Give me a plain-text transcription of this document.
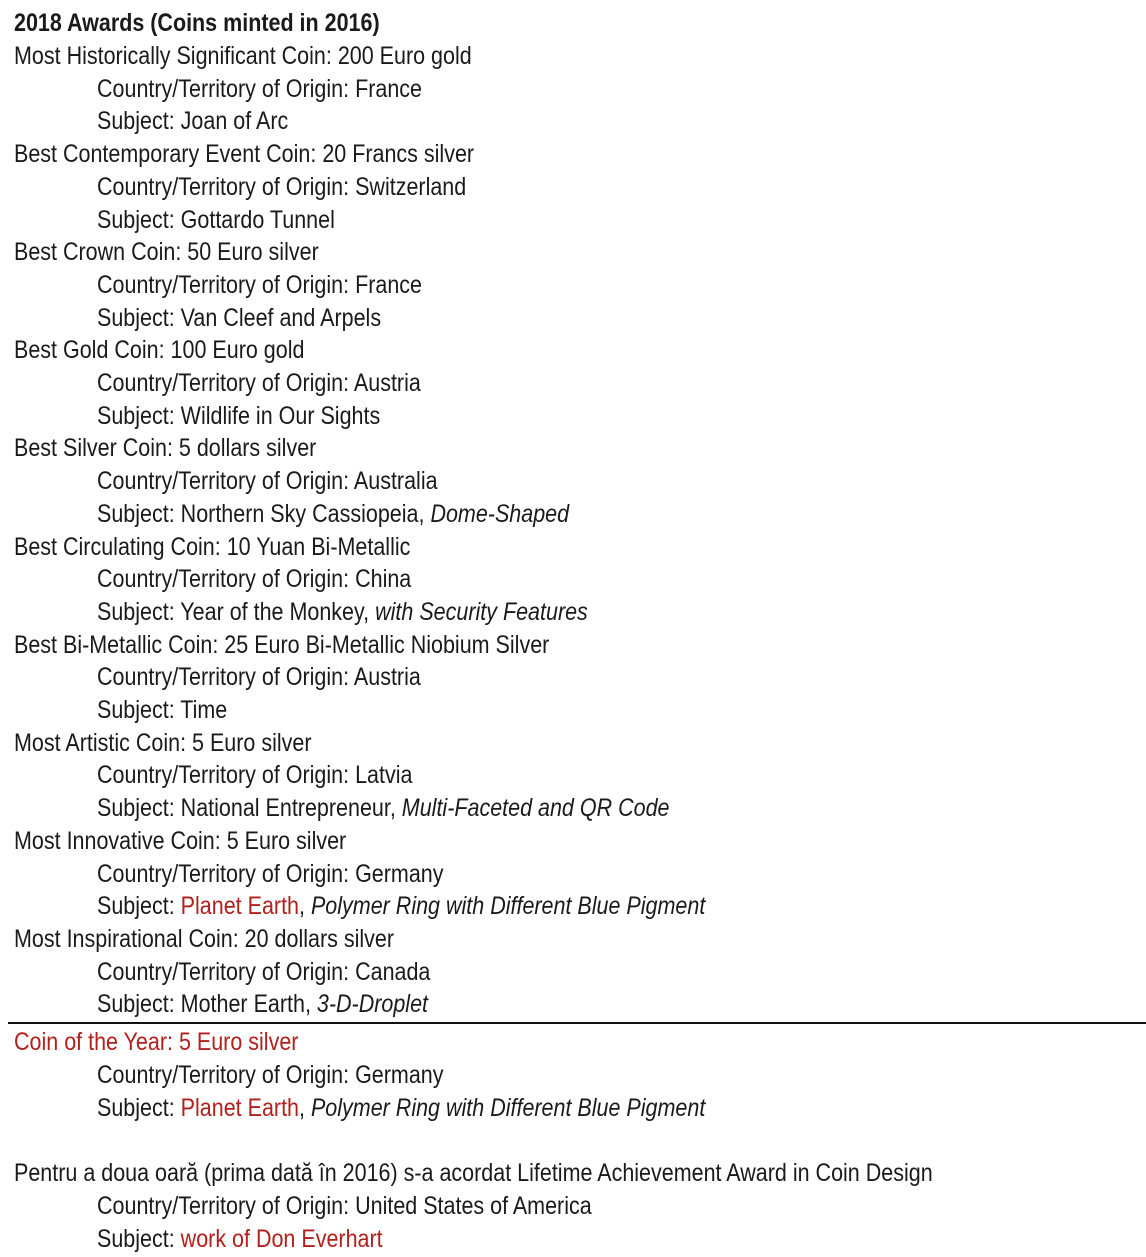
2018 Awards (Coins minted in 2016)
Most Historically Significant Coin: 200 Euro gold
Country/Territory of Origin: France
Subject: Joan of Arc
Best Contemporary Event Coin: 20 Francs silver
Country/Territory of Origin: Switzerland
Subject: Gottardo Tunnel
Best Crown Coin: 50 Euro silver
Country/Territory of Origin: France
Subject: Van Cleef and Arpels
Best Gold Coin: 100 Euro gold
Country/Territory of Origin: Austria
Subject: Wildlife in Our Sights
Best Silver Coin: 5 dollars silver
Country/Territory of Origin: Australia
Subject: Northern Sky Cassiopeia, Dome-Shaped
Best Circulating Coin: 10 Yuan Bi-Metallic
Country/Territory of Origin: China
Subject: Year of the Monkey, with Security Features
Best Bi-Metallic Coin: 25 Euro Bi-Metallic Niobium Silver
Country/Territory of Origin: Austria
Subject: Time
Most Artistic Coin: 5 Euro silver
Country/Territory of Origin: Latvia
Subject: National Entrepreneur, Multi-Faceted and QR Code
Most Innovative Coin: 5 Euro silver
Country/Territory of Origin: Germany
Subject: Planet Earth, Polymer Ring with Different Blue Pigment
Most Inspirational Coin: 20 dollars silver
Country/Territory of Origin: Canada
Subject: Mother Earth, 3-D-Droplet
Coin of the Year: 5 Euro silver
Country/Territory of Origin: Germany
Subject: Planet Earth, Polymer Ring with Different Blue Pigment
Pentru a doua oară (prima dată în 2016) s-a acordat Lifetime Achievement Award in Coin Design
Country/Territory of Origin: United States of America
Subject: work of Don Everhart
